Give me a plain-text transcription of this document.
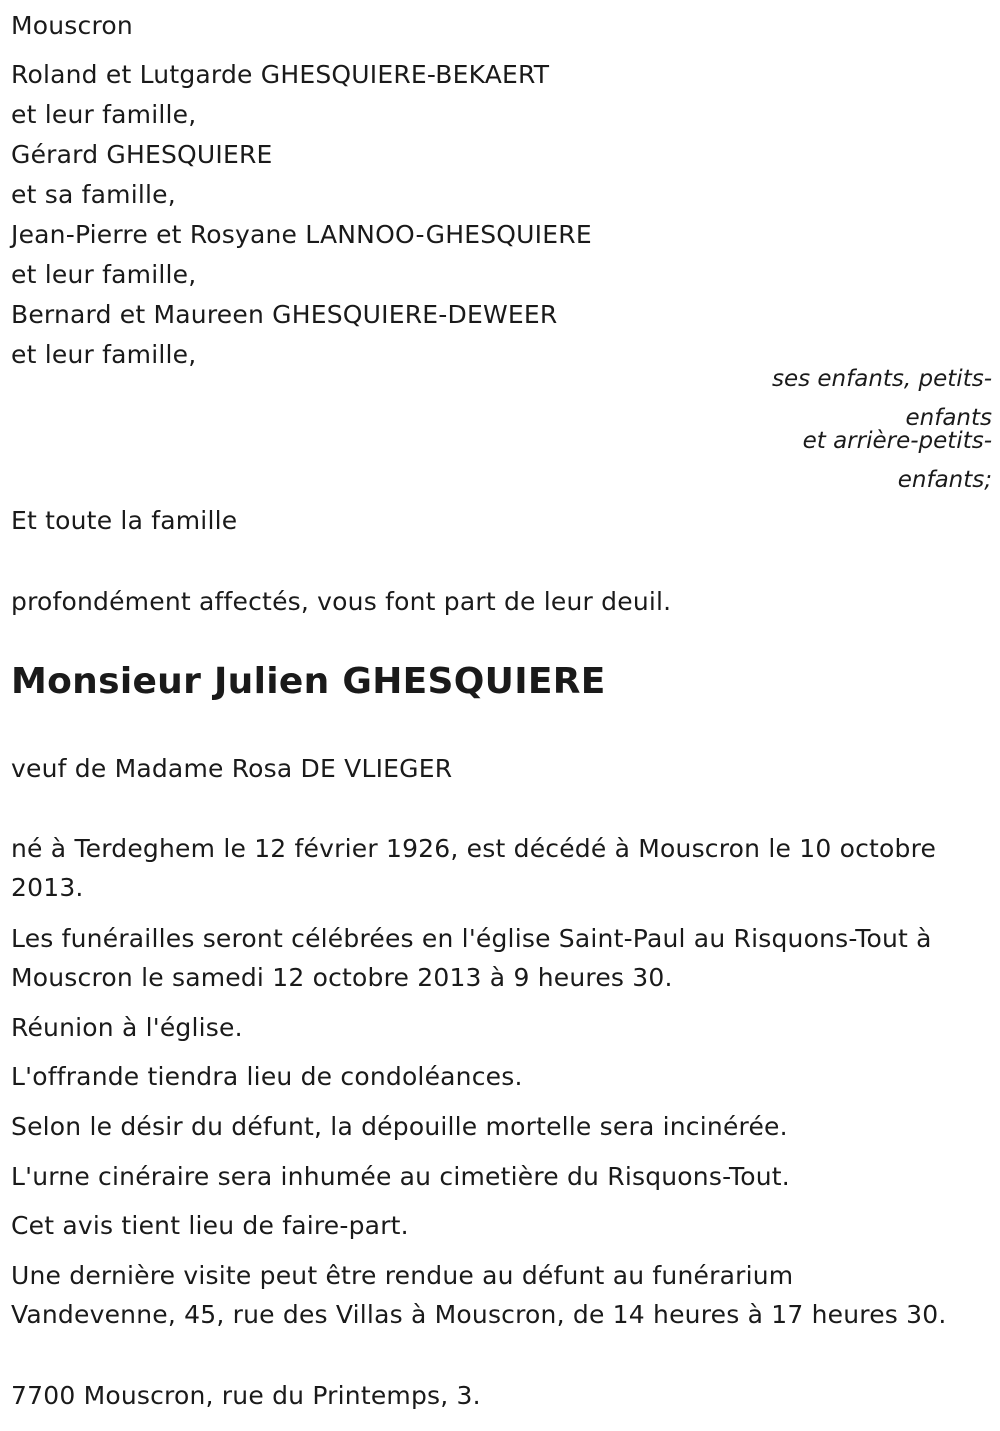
Mouscron
Roland et Lutgarde GHESQUIERE-BEKAERT
et leur famille,
Gérard GHESQUIERE
et sa famille,
Jean-Pierre et Rosyane LANNOO-GHESQUIERE
et leur famille,
Bernard et Maureen GHESQUIERE-DEWEER
et leur famille,
ses enfants, petits-enfants
et arrière-petits-enfants;
Et toute la famille
profondément affectés, vous font part de leur deuil.
Monsieur Julien GHESQUIERE
veuf de Madame Rosa DE VLIEGER
né à Terdeghem le 12 février 1926, est décédé à Mouscron le 10 octobre
2013.
Les funérailles seront célébrées en l'église Saint-Paul au Risquons-Tout à
Mouscron le samedi 12 octobre 2013 à 9 heures 30.
Réunion à l'église.
L'offrande tiendra lieu de condoléances.
Selon le désir du défunt, la dépouille mortelle sera incinérée.
L'urne cinéraire sera inhumée au cimetière du Risquons-Tout.
Cet avis tient lieu de faire-part.
Une dernière visite peut être rendue au défunt au funérarium
Vandevenne, 45, rue des Villas à Mouscron, de 14 heures à 17 heures 30.
7700 Mouscron, rue du Printemps, 3.
